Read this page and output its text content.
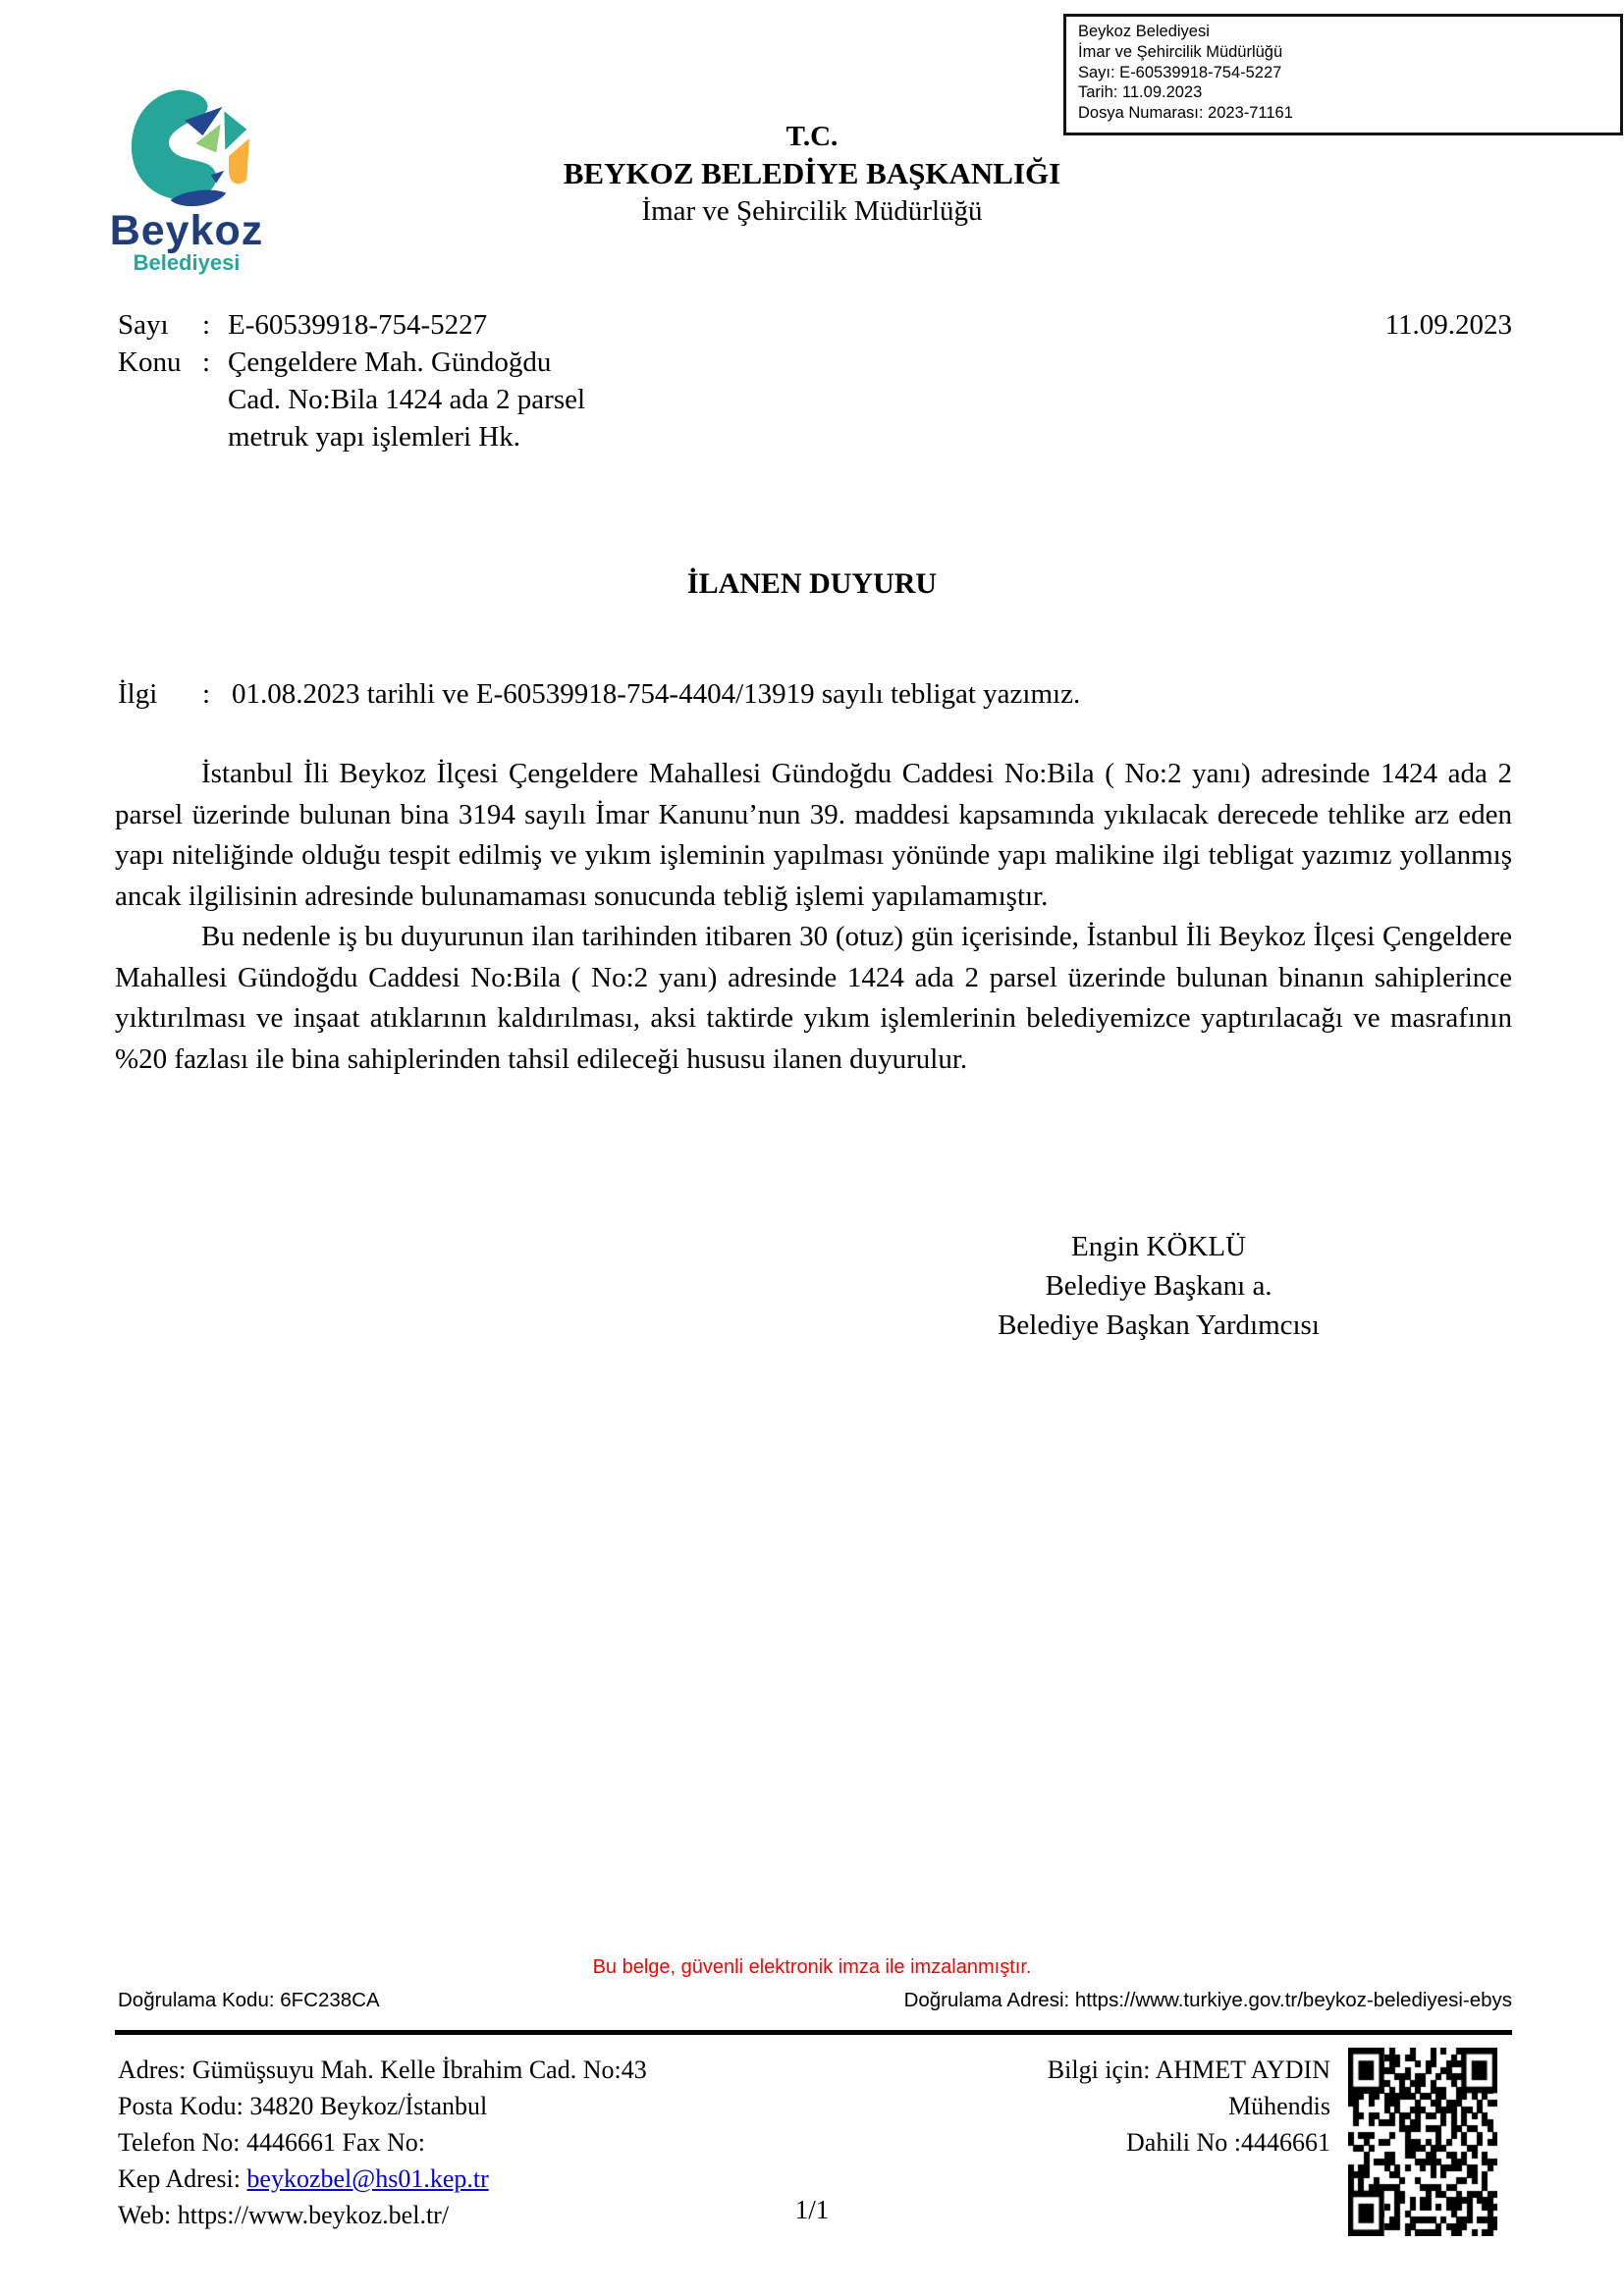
Beykoz Belediyesi
İmar ve Şehircilik Müdürlüğü
Sayı: E-60539918-754-5227
Tarih: 11.09.2023
Dosya Numarası: 2023-71161
Beykoz
Belediyesi
T.C.
BEYKOZ BELEDİYE BAŞKANLIĞI
İmar ve Şehircilik Müdürlüğü
Sayı : E-60539918-754-5227
Konu : Çengeldere Mah. Gündoğdu
Cad. No:Bila 1424 ada 2 parsel
metruk yapı işlemleri Hk.
11.09.2023
İLANEN DUYURU
İlgi : 01.08.2023 tarihli ve E-60539918-754-4404/13919 sayılı tebligat yazımız.

İstanbul İli Beykoz İlçesi Çengeldere Mahallesi Gündoğdu Caddesi No:Bila ( No:2 yanı) adresinde 1424 ada 2 parsel üzerinde bulunan bina 3194 sayılı İmar Kanunu’nun 39. maddesi kapsamında yıkılacak derecede tehlike arz eden yapı niteliğinde olduğu tespit edilmiş ve yıkım işleminin yapılması yönünde yapı malikine ilgi tebligat yazımız yollanmış ancak ilgilisinin adresinde bulunamaması sonucunda tebliğ işlemi yapılamamıştır.

Bu nedenle iş bu duyurunun ilan tarihinden itibaren 30 (otuz) gün içerisinde, İstanbul İli Beykoz İlçesi Çengeldere Mahallesi Gündoğdu Caddesi No:Bila ( No:2 yanı) adresinde 1424 ada 2 parsel üzerinde bulunan binanın sahiplerince yıktırılması ve inşaat atıklarının kaldırılması, aksi taktirde yıkım işlemlerinin belediyemizce yaptırılacağı ve masrafının %20 fazlası ile bina sahiplerinden tahsil edileceği hususu ilanen duyurulur.

Engin KÖKLÜ
Belediye Başkanı a.
Belediye Başkan Yardımcısı
Bu belge, güvenli elektronik imza ile imzalanmıştır.
Doğrulama Kodu: 6FC238CA	Doğrulama Adresi: https://www.turkiye.gov.tr/beykoz-belediyesi-ebys
Adres: Gümüşsuyu Mah. Kelle İbrahim Cad. No:43
Posta Kodu: 34820 Beykoz/İstanbul
Telefon No: 4446661 Fax No:
Kep Adresi: beykozbel@hs01.kep.tr
Web: https://www.beykoz.bel.tr/
Bilgi için: AHMET AYDIN
Mühendis
Dahili No :4446661
1/1
